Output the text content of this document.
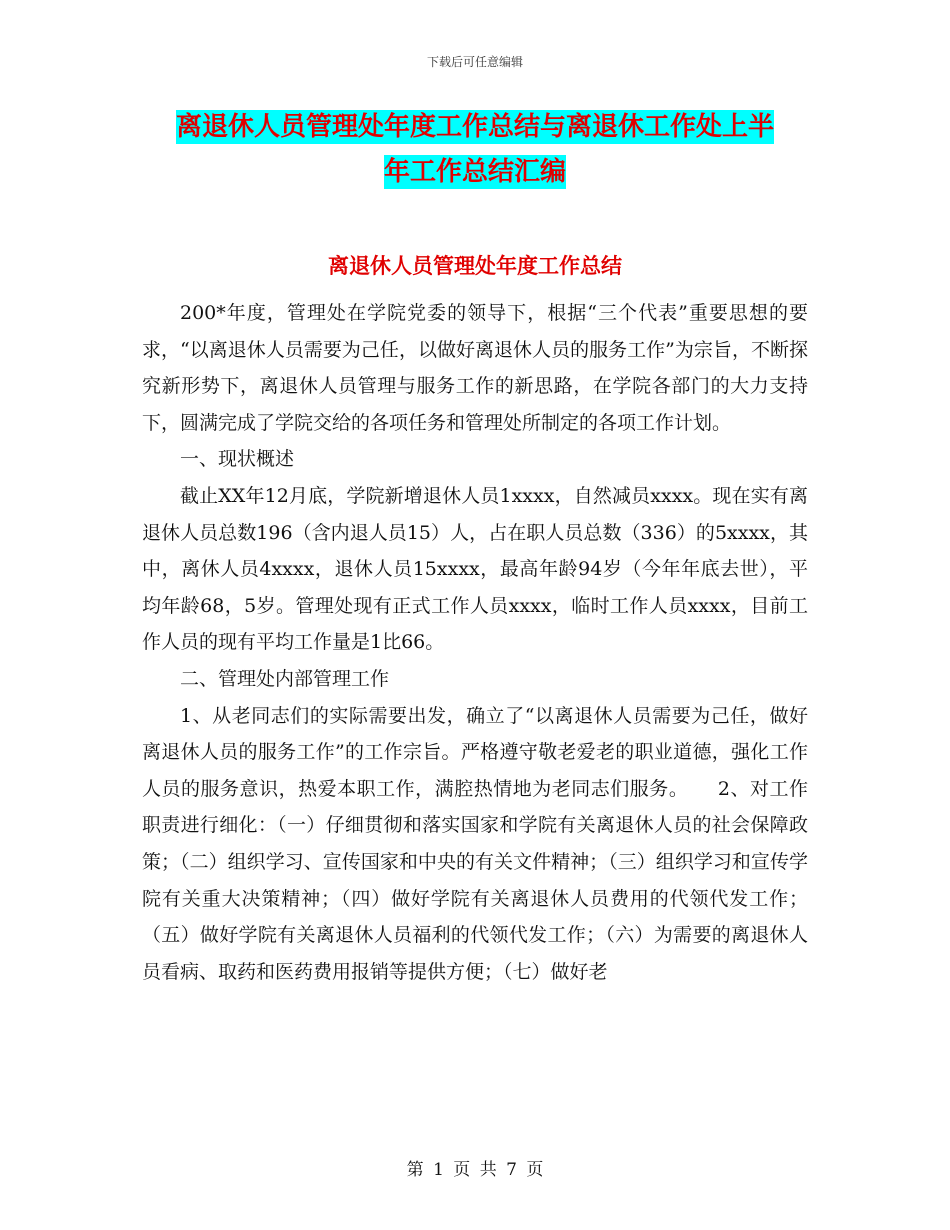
下载后可任意编辑
离退休人员管理处年度工作总结与离退休工作处上半
年工作总结汇编
离退休人员管理处年度工作总结

200*年度，管理处在学院党委的领导下，根据“三个代表”重要思想的要求，“以离退休人员需要为己任，以做好离退休人员的服务工作”为宗旨，不断探究新形势下，离退休人员管理与服务工作的新思路，在学院各部门的大力支持下，圆满完成了学院交给的各项任务和管理处所制定的各项工作计划。

一、现状概述

截止XX年12月底，学院新增退休人员1xxxx，自然减员xxxx。现在实有离退休人员总数196（含内退人员15）人，占在职人员总数（336）的5xxxx，其中，离休人员4xxxx，退休人员15xxxx，最高年龄94岁（今年年底去世），平均年龄68，5岁。管理处现有正式工作人员xxxx，临时工作人员xxxx，目前工作人员的现有平均工作量是1比66。

二、管理处内部管理工作

1、从老同志们的实际需要出发，确立了“以离退休人员需要为己任，做好离退休人员的服务工作”的工作宗旨。严格遵守敬老爱老的职业道德，强化工作人员的服务意识，热爱本职工作，满腔热情地为老同志们服务。　　2、对工作职责进行细化：（一）仔细贯彻和落实国家和学院有关离退休人员的社会保障政策；（二）组织学习、宣传国家和中央的有关文件精神；（三）组织学习和宣传学院有关重大决策精神；（四）做好学院有关离退休人员费用的代领代发工作；（五）做好学院有关离退休人员福利的代领代发工作；（六）为需要的离退休人员看病、取药和医药费用报销等提供方便；（七）做好老

第 1 页 共 7 页
